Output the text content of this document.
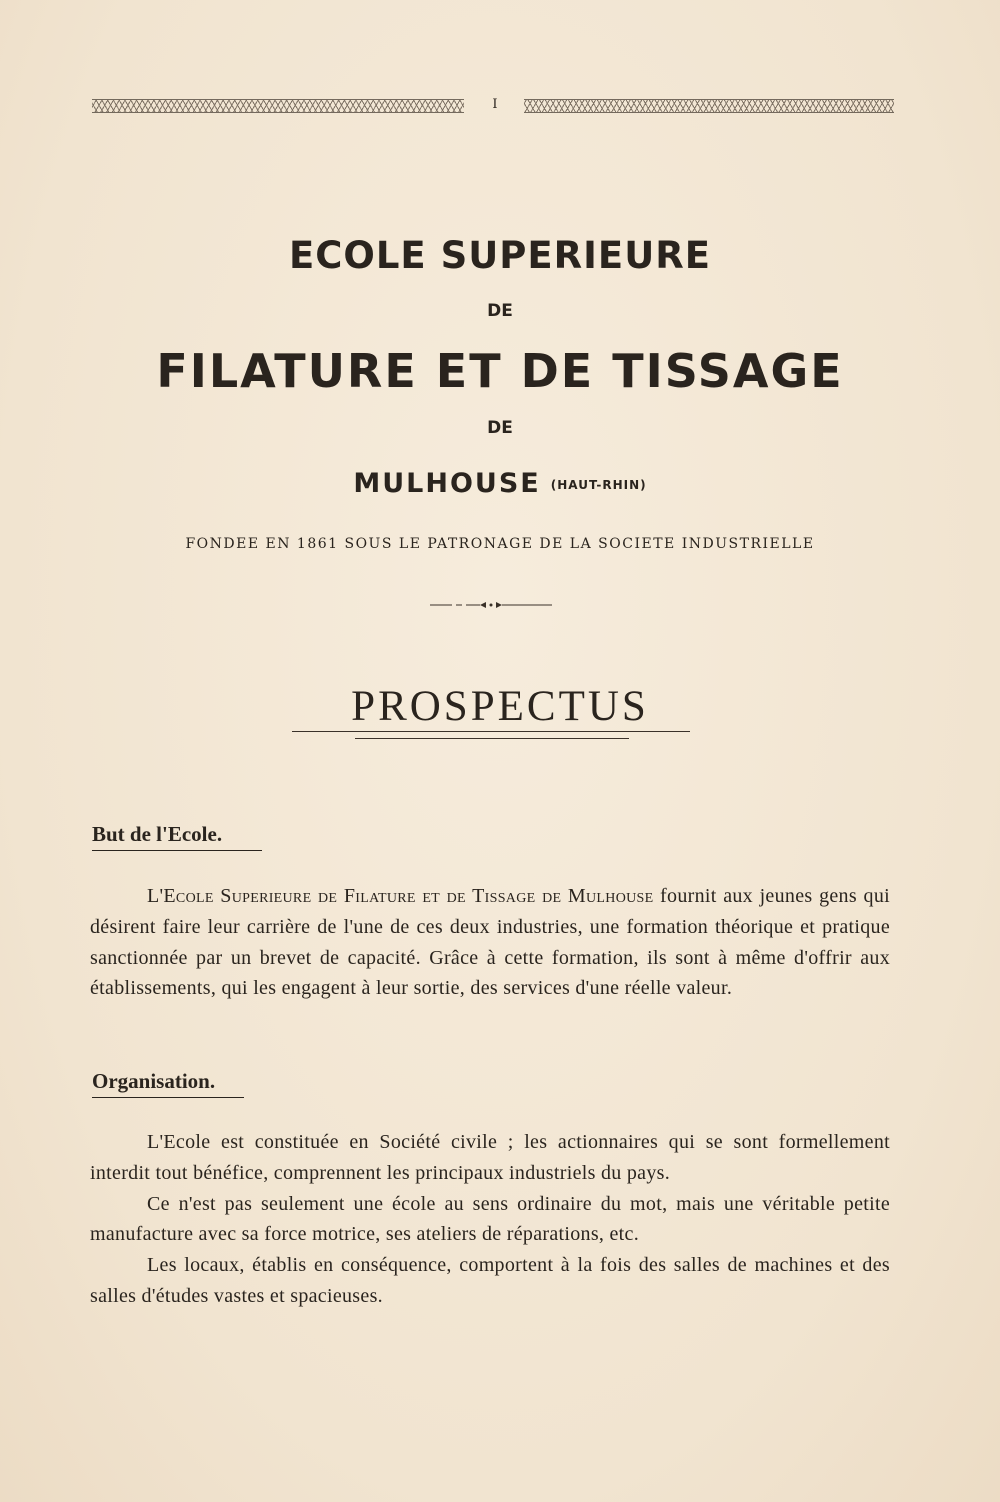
I
ECOLE SUPERIEURE
DE
FILATURE ET DE TISSAGE
DE
MULHOUSE (HAUT-RHIN)
FONDEE EN 1861 SOUS LE PATRONAGE DE LA SOCIETE INDUSTRIELLE
PROSPECTUS
But de l'Ecole.

L'Ecole Superieure de Filature et de Tissage de Mulhouse fournit aux jeunes gens qui désirent faire leur carrière de l'une de ces deux industries, une formation théorique et pratique sanctionnée par un brevet de capacité. Grâce à cette formation, ils sont à même d'offrir aux établissements, qui les engagent à leur sortie, des services d'une réelle valeur.

Organisation.

L'Ecole est constituée en Société civile ; les actionnaires qui se sont formellement interdit tout bénéfice, comprennent les principaux industriels du pays.

Ce n'est pas seulement une école au sens ordinaire du mot, mais une véritable petite manufacture avec sa force motrice, ses ateliers de réparations, etc.

Les locaux, établis en conséquence, comportent à la fois des salles de machines et des salles d'études vastes et spacieuses.
